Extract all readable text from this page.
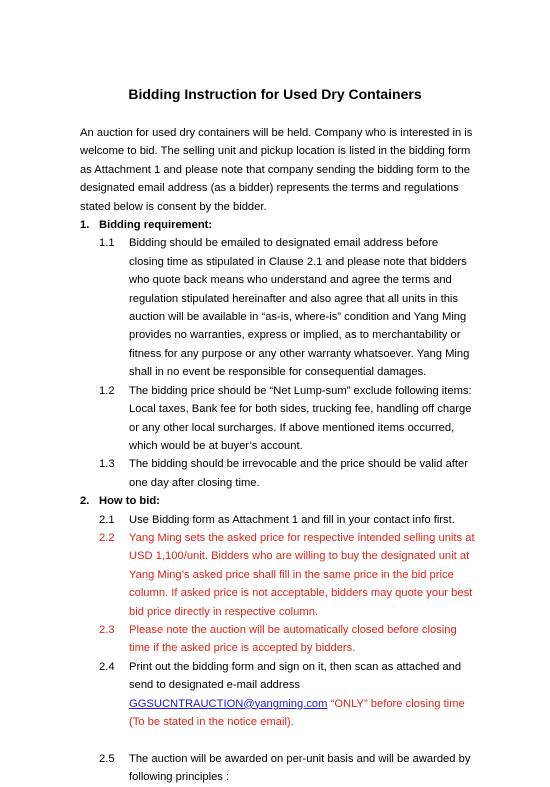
Bidding Instruction for Used Dry Containers

An auction for used dry containers will be held. Company who is interested in is welcome to bid. The selling unit and pickup location is listed in the bidding form as Attachment 1 and please note that company sending the bidding form to the designated email address (as a bidder) represents the terms and regulations stated below is consent by the bidder.

1. Bidding requirement:
1.1 Bidding should be emailed to designated email address before closing time as stipulated in Clause 2.1 and please note that bidders who quote back means who understand and agree the terms and regulation stipulated hereinafter and also agree that all units in this auction will be available in “as-is, where-is” condition and Yang Ming provides no warranties, express or implied, as to merchantability or fitness for any purpose or any other warranty whatsoever. Yang Ming shall in no event be responsible for consequential damages.
1.2 The bidding price should be “Net Lump-sum” exclude following items: Local taxes, Bank fee for both sides, trucking fee, handling off charge or any other local surcharges. If above mentioned items occurred, which would be at buyer’s account.
1.3 The bidding should be irrevocable and the price should be valid after one day after closing time.
2. How to bid:
2.1 Use Bidding form as Attachment 1 and fill in your contact info first.
2.2 Yang Ming sets the asked price for respective intended selling units at USD 1,100/unit. Bidders who are willing to buy the designated unit at Yang Ming’s asked price shall fill in the same price in the bid price column. If asked price is not acceptable, bidders may quote your best bid price directly in respective column.
2.3 Please note the auction will be automatically closed before closing time if the asked price is accepted by bidders.
2.4 Print out the bidding form and sign on it, then scan as attached and send to designated e-mail address GGSUCNTRAUCTION@yangming.com “ONLY” before closing time (To be stated in the notice email).
2.5 The auction will be awarded on per-unit basis and will be awarded by following principles :
